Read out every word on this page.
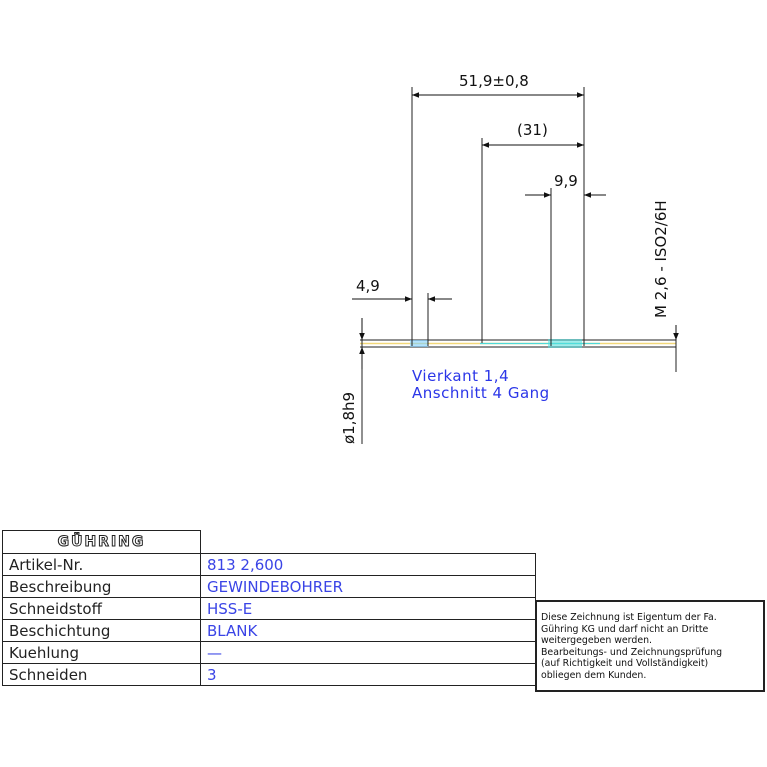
51,9±0,8
(31)
9,9
4,9	M 2,6 - ISO2/6H
ø1,8h9
Vierkant 1,4
Anschnitt 4 Gang
GÜHRING	
Artikel-Nr.	813 2,600
Beschreibung	GEWINDEBOHRER
Schneidstoff	HSS-E
Beschichtung	BLANK
Kuehlung	—
Schneiden	3
Diese Zeichnung ist Eigentum der Fa.
Gühring KG und darf nicht an Dritte
weitergegeben werden.
Bearbeitungs- und Zeichnungsprüfung
(auf Richtigkeit und Vollständigkeit)
obliegen dem Kunden.
